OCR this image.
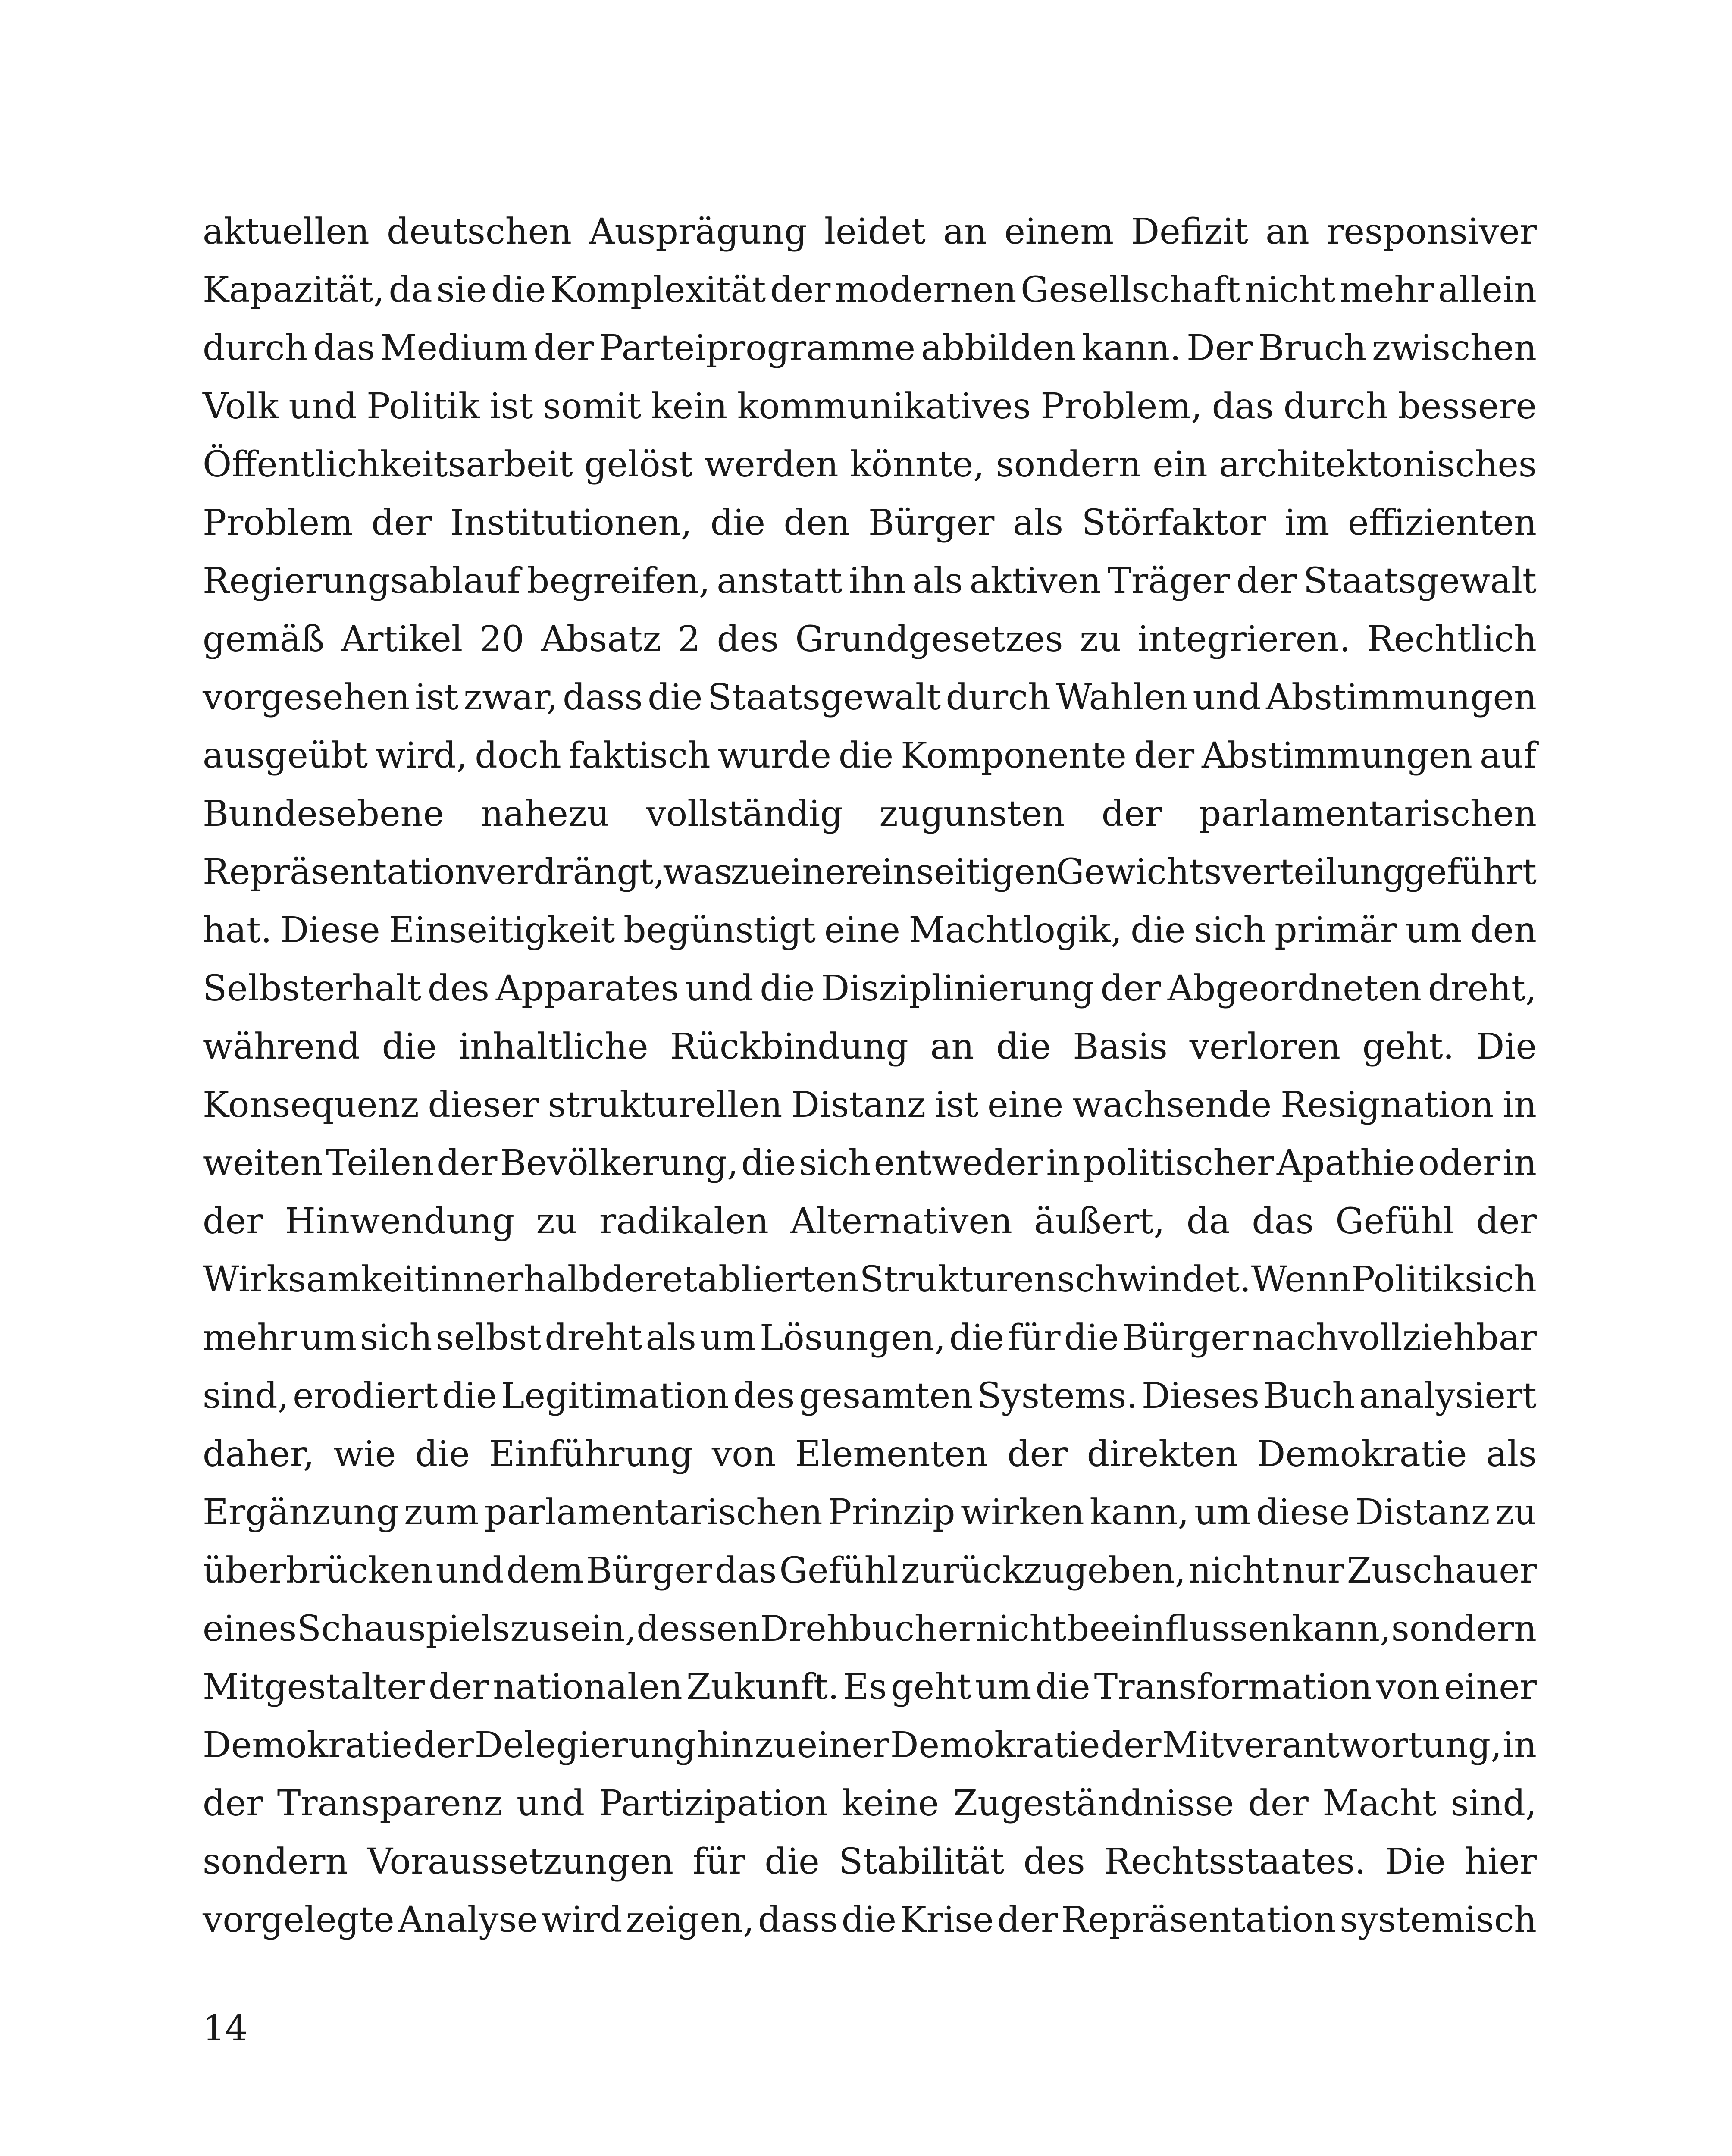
aktuellen deutschen Ausprägung leidet an einem Defizit an responsiver
Kapazität, da sie die Komplexität der modernen Gesellschaft nicht mehr allein
durch das Medium der Parteiprogramme abbilden kann. Der Bruch zwischen
Volk und Politik ist somit kein kommunikatives Problem, das durch bessere
Öffentlichkeitsarbeit gelöst werden könnte, sondern ein architektonisches
Problem der Institutionen, die den Bürger als Störfaktor im effizienten
Regierungsablauf begreifen, anstatt ihn als aktiven Träger der Staatsgewalt
gemäß Artikel 20 Absatz 2 des Grundgesetzes zu integrieren. Rechtlich
vorgesehen ist zwar, dass die Staatsgewalt durch Wahlen und Abstimmungen
ausgeübt wird, doch faktisch wurde die Komponente der Abstimmungen auf
Bundesebene nahezu vollständig zugunsten der parlamentarischen
Repräsentation verdrängt, was zu einer einseitigen Gewichtsverteilung geführt
hat. Diese Einseitigkeit begünstigt eine Machtlogik, die sich primär um den
Selbsterhalt des Apparates und die Disziplinierung der Abgeordneten dreht,
während die inhaltliche Rückbindung an die Basis verloren geht. Die
Konsequenz dieser strukturellen Distanz ist eine wachsende Resignation in
weiten Teilen der Bevölkerung, die sich entweder in politischer Apathie oder in
der Hinwendung zu radikalen Alternativen äußert, da das Gefühl der
Wirksamkeit innerhalb der etablierten Strukturen schwindet. Wenn Politik sich
mehr um sich selbst dreht als um Lösungen, die für die Bürger nachvollziehbar
sind, erodiert die Legitimation des gesamten Systems. Dieses Buch analysiert
daher, wie die Einführung von Elementen der direkten Demokratie als
Ergänzung zum parlamentarischen Prinzip wirken kann, um diese Distanz zu
überbrücken und dem Bürger das Gefühl zurückzugeben, nicht nur Zuschauer
eines Schauspiels zu sein, dessen Drehbuch er nicht beeinflussen kann, sondern
Mitgestalter der nationalen Zukunft. Es geht um die Transformation von einer
Demokratie der Delegierung hin zu einer Demokratie der Mitverantwortung, in
der Transparenz und Partizipation keine Zugeständnisse der Macht sind,
sondern Voraussetzungen für die Stabilität des Rechtsstaates. Die hier
vorgelegte Analyse wird zeigen, dass die Krise der Repräsentation systemisch
14
